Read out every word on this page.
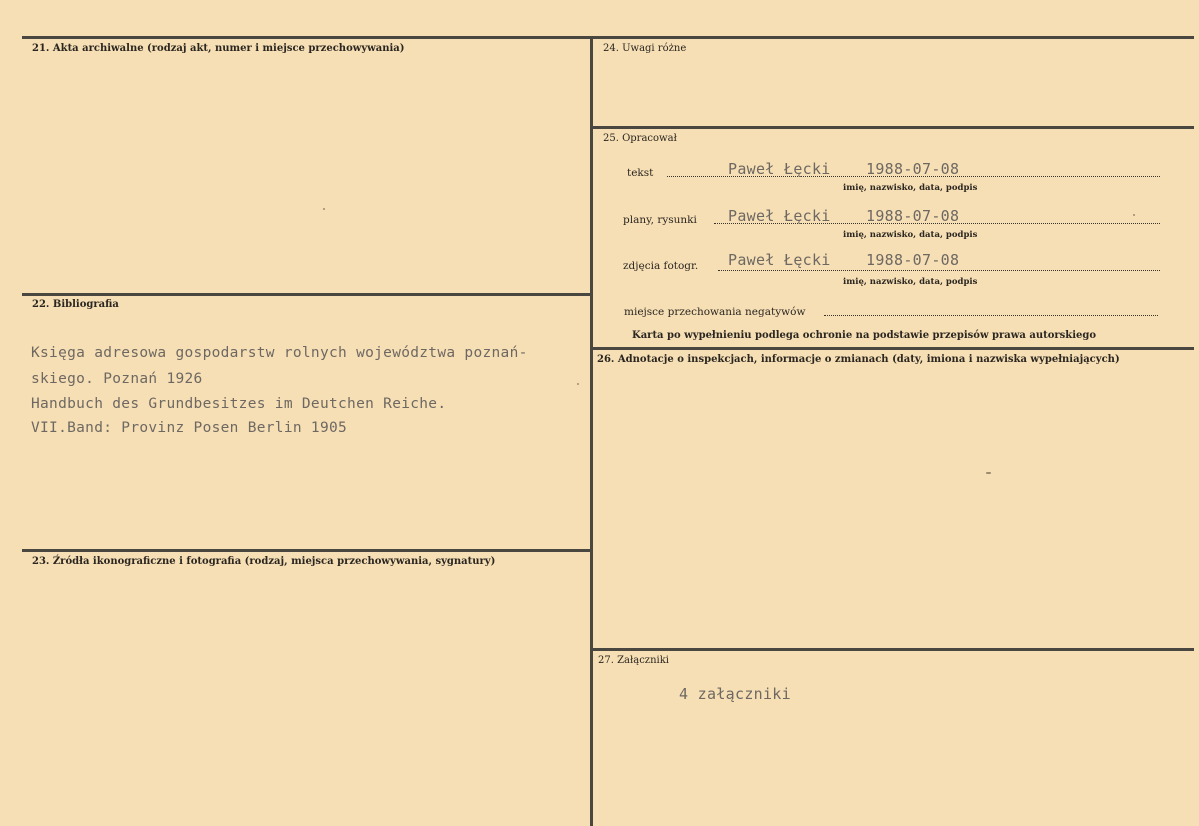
21. Akta archiwalne (rodzaj akt, numer i miejsce przechowywania)
22. Bibliografia
Księga adresowa gospodarstw rolnych województwa poznań-
skiego. Poznań 1926
Handbuch des Grundbesitzes im Deutchen Reiche.
VII.Band: Provinz Posen Berlin 1905
23. Źródła ikonograficzne i fotografia (rodzaj, miejsca przechowywania, sygnatury)
24. Uwagi różne
25. Opracował
tekst	Paweł Łęcki 1988-07-08
imię, nazwisko, data, podpis
plany, rysunki Paweł Łęcki 1988-07-08
imię, nazwisko, data, podpis
zdjęcia fotogr. Paweł Łęcki 1988-07-08
imię, nazwisko, data, podpis
miejsce przechowania negatywów
Karta po wypełnieniu podlega ochronie na podstawie przepisów prawa autorskiego
26. Adnotacje o inspekcjach, informacje o zmianach (daty, imiona i nazwiska wypełniających)
27. Załączniki
4 załączniki
